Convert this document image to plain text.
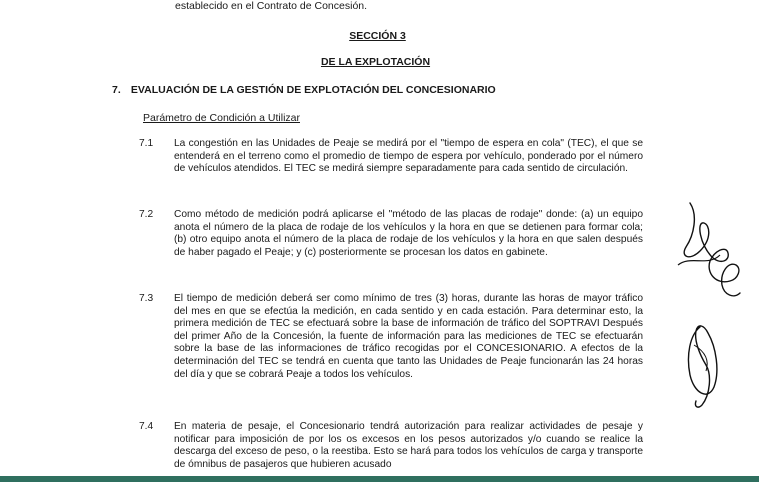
establecido en el Contrato de Concesión.
SECCIÓN 3
DE LA EXPLOTACIÓN
7. EVALUACIÓN DE LA GESTIÓN DE EXPLOTACIÓN DEL CONCESIONARIO
Parámetro de Condición a Utilizar
7.1	La congestión en las Unidades de Peaje se medirá por el "tiempo de espera en cola" (TEC), el que se entenderá en el terreno como el promedio de tiempo de espera por vehículo, ponderado por el número de vehículos atendidos. El TEC se medirá siempre separadamente para cada sentido de circulación.
7.2	Como método de medición podrá aplicarse el "método de las placas de rodaje" donde: (a) un equipo anota el número de la placa de rodaje de los vehículos y la hora en que se detienen para formar cola; (b) otro equipo anota el número de la placa de rodaje de los vehículos y la hora en que salen después de haber pagado el Peaje; y (c) posteriormente se procesan los datos en gabinete.
7.3	El tiempo de medición deberá ser como mínimo de tres (3) horas, durante las horas de mayor tráfico del mes en que se efectúa la medición, en cada sentido y en cada estación. Para determinar esto, la primera medición de TEC se efectuará sobre la base de información de tráfico del SOPTRAVI Después del primer Año de la Concesión, la fuente de información para las mediciones de TEC se efectuarán sobre la base de las informaciones de tráfico recogidas por el CONCESIONARIO. A efectos de la determinación del TEC se tendrá en cuenta que tanto las Unidades de Peaje funcionarán las 24 horas del día y que se cobrará Peaje a todos los vehículos.
7.4	En materia de pesaje, el Concesionario tendrá autorización para realizar actividades de pesaje y notificar para imposición de por los os excesos en los pesos autorizados y/o cuando se realice la descarga del exceso de peso, o la reestiba. Esto se hará para todos los vehículos de carga y transporte de ómnibus de pasajeros que hubieren acusado
